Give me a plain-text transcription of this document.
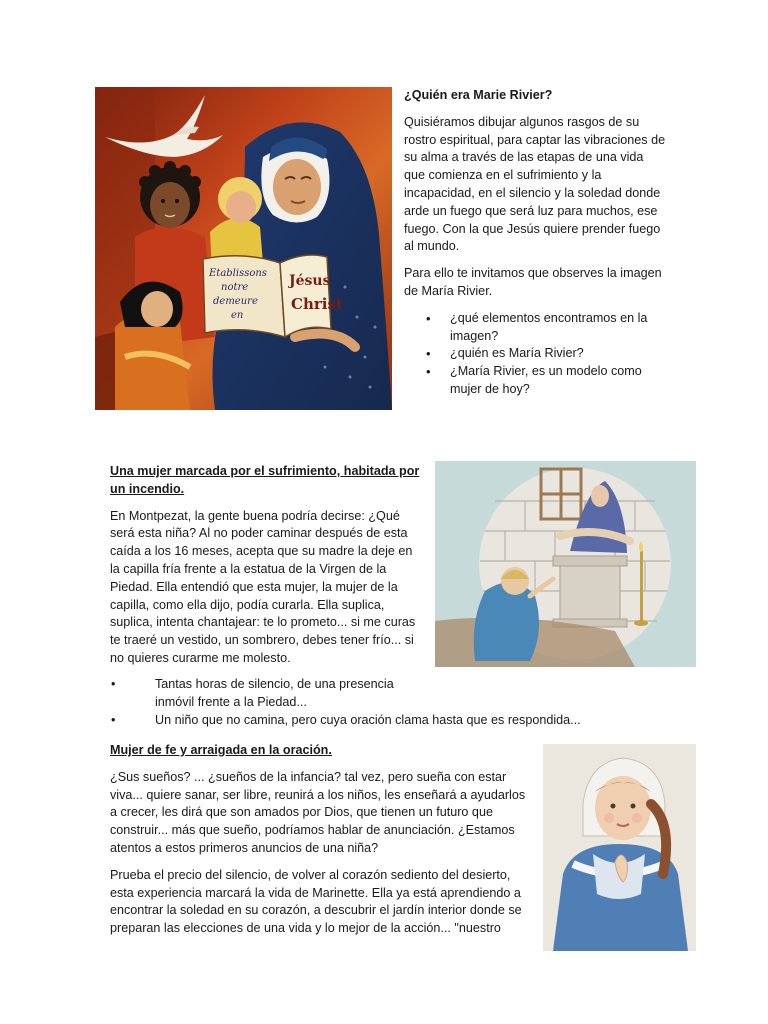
Etablissons
notre
demeure
en
Jésus
Christ

¿Quién era Marie Rivier?

Quisiéramos dibujar algunos rasgos de su rostro espiritual, para captar las vibraciones de su alma a través de las etapas de una vida que comienza en el sufrimiento y la incapacidad, en el silencio y la soledad donde arde un fuego que será luz para muchos, ese fuego. Con la que Jesús quiere prender fuego al mundo.

Para ello te invitamos que observes la imagen de María Rivier.

• ¿qué elementos encontramos en la imagen?
• ¿quién es María Rivier?
• ¿María Rivier, es un modelo como mujer de hoy?

Una mujer marcada por el sufrimiento, habitada por un incendio.

En Montpezat, la gente buena podría decirse: ¿Qué será esta niña? Al no poder caminar después de esta caída a los 16 meses, acepta que su madre la deje en la capilla fría frente a la estatua de la Virgen de la Piedad. Ella entendió que esta mujer, la mujer de la capilla, como ella dijo, podía curarla. Ella suplica, suplica, intenta chantajear: te lo prometo... si me curas te traeré un vestido, un sombrero, debes tener frío... si no quieres curarme me molesto.

• Tantas horas de silencio, de una presencia inmóvil frente a la Piedad...

• Un niño que no camina, pero cuya oración clama hasta que es respondida...

Mujer de fe y arraigada en la oración.

¿Sus sueños? ... ¿sueños de la infancia? tal vez, pero sueña con estar viva... quiere sanar, ser libre, reunirá a los niños, les enseñará a ayudarlos a crecer, les dirá que son amados por Dios, que tienen un futuro que construir... más que sueño, podríamos hablar de anunciación. ¿Estamos atentos a estos primeros anuncios de una niña?

Prueba el precio del silencio, de volver al corazón sediento del desierto, esta experiencia marcará la vida de Marinette. Ella ya está aprendiendo a encontrar la soledad en su corazón, a descubrir el jardín interior donde se preparan las elecciones de una vida y lo mejor de la acción... "nuestro
